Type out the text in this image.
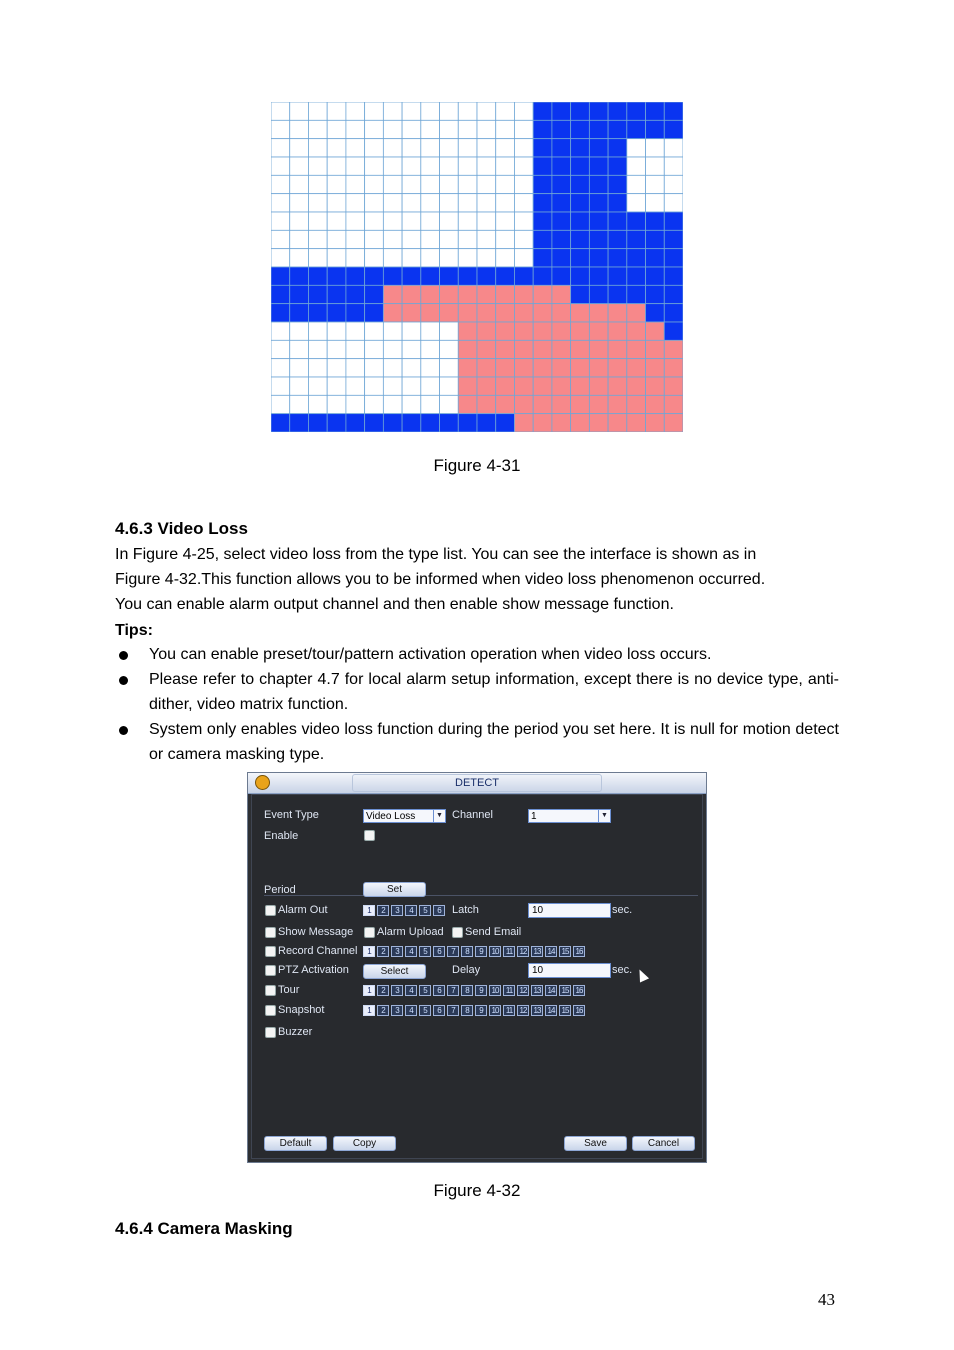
Figure 4-31
4.6.3 Video Loss
In Figure 4-25, select video loss from the type list. You can see the interface is shown as in
Figure 4-32.This function allows you to be informed when video loss phenomenon occurred.
You can enable alarm output channel and then enable show message function.
Tips:
You can enable preset/tour/pattern activation operation when video loss occurs.
Please refer to chapter 4.7 for local alarm setup information, except there is no device type, anti-dither, video matrix function.
System only enables video loss function during the period you set here. It is null for motion detect or camera masking type.
DETECT
Event Type	Video Loss	▼ Channel	1	▼
Enable
Period	Set
Alarm Out	1 2 3 4 5 6	Latch	10	sec.
Show Message Alarm Upload Send Email
Record Channel	1 2 3 4 5 6 7 8 9 10 11 12 13 14 15 16
PTZ Activation	Select	Delay	10	sec.
Tour	1 2 3 4 5 6 7 8 9 10 11 12 13 14 15 16
Snapshot	1 2 3 4 5 6 7 8 9 10 11 12 13 14 15 16
Buzzer
Default	Copy	Save	Cancel
Figure 4-32
4.6.4 Camera Masking
43
